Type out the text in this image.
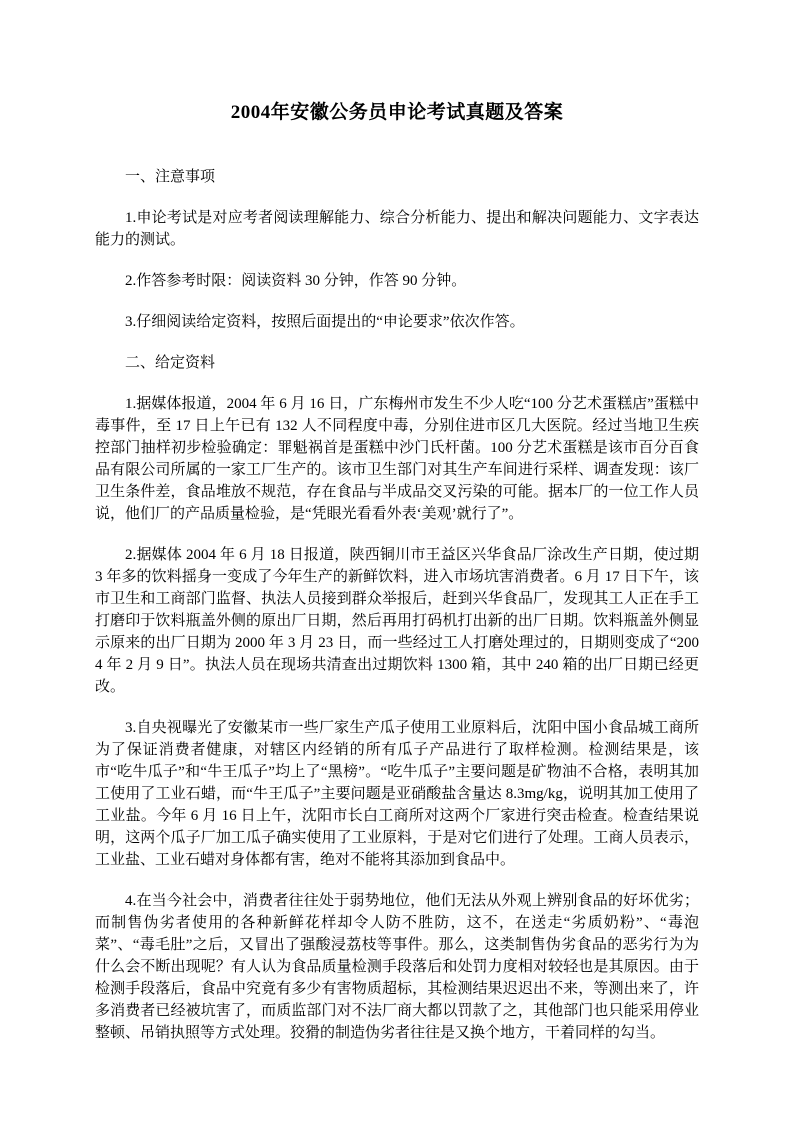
2004年安徽公务员申论考试真题及答案

一、注意事项

1.申论考试是对应考者阅读理解能力、综合分析能力、提出和解决问题能力、文字表达能力的测试。

2.作答参考时限：阅读资料 30 分钟，作答 90 分钟。

3.仔细阅读给定资料，按照后面提出的“申论要求”依次作答。

二、给定资料

1.据媒体报道，2004 年 6 月 16 日，广东梅州市发生不少人吃“100 分艺术蛋糕店”蛋糕中毒事件，至 17 日上午已有 132 人不同程度中毒，分别住进市区几大医院。经过当地卫生疾控部门抽样初步检验确定：罪魁祸首是蛋糕中沙门氏杆菌。100 分艺术蛋糕是该市百分百食品有限公司所属的一家工厂生产的。该市卫生部门对其生产车间进行采样、调查发现：该厂卫生条件差，食品堆放不规范，存在食品与半成品交叉污染的可能。据本厂的一位工作人员说，他们厂的产品质量检验，是“凭眼光看看外表‘美观’就行了”。

2.据媒体 2004 年 6 月 18 日报道，陕西铜川市王益区兴华食品厂涂改生产日期，使过期 3 年多的饮料摇身一变成了今年生产的新鲜饮料，进入市场坑害消费者。6 月 17 日下午，该市卫生和工商部门监督、执法人员接到群众举报后，赶到兴华食品厂，发现其工人正在手工打磨印于饮料瓶盖外侧的原出厂日期，然后再用打码机打出新的出厂日期。饮料瓶盖外侧显示原来的出厂日期为 2000 年 3 月 23 日，而一些经过工人打磨处理过的，日期则变成了“2004 年 2 月 9 日”。执法人员在现场共清查出过期饮料 1300 箱，其中 240 箱的出厂日期已经更改。

3.自央视曝光了安徽某市一些厂家生产瓜子使用工业原料后，沈阳中国小食品城工商所为了保证消费者健康，对辖区内经销的所有瓜子产品进行了取样检测。检测结果是，该市“吃牛瓜子”和“牛王瓜子”均上了“黑榜”。“吃牛瓜子”主要问题是矿物油不合格，表明其加工使用了工业石蜡，而“牛王瓜子”主要问题是亚硝酸盐含量达 8.3mg/kg，说明其加工使用了工业盐。今年 6 月 16 日上午，沈阳市长白工商所对这两个厂家进行突击检查。检查结果说明，这两个瓜子厂加工瓜子确实使用了工业原料，于是对它们进行了处理。工商人员表示，工业盐、工业石蜡对身体都有害，绝对不能将其添加到食品中。

4.在当今社会中，消费者往往处于弱势地位，他们无法从外观上辨别食品的好坏优劣；而制售伪劣者使用的各种新鲜花样却令人防不胜防，这不，在送走“劣质奶粉”、“毒泡菜”、“毒毛肚”之后，又冒出了强酸浸荔枝等事件。那么，这类制售伪劣食品的恶劣行为为什么会不断出现呢？有人认为食品质量检测手段落后和处罚力度相对较轻也是其原因。由于检测手段落后，食品中究竟有多少有害物质超标，其检测结果迟迟出不来，等测出来了，许多消费者已经被坑害了，而质监部门对不法厂商大都以罚款了之，其他部门也只能采用停业整顿、吊销执照等方式处理。狡猾的制造伪劣者往往是又换个地方，干着同样的勾当。
